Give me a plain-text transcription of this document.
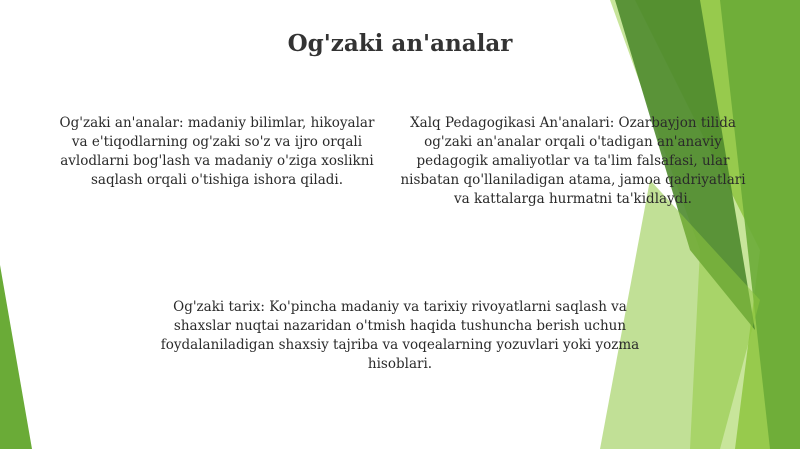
Og'zaki an'analar

Og'zaki an'analar: madaniy bilimlar, hikoyalar va e'tiqodlarning og'zaki so'z va ijro orqali avlodlarni bog'lash va madaniy o'ziga xoslikni saqlash orqali o'tishiga ishora qiladi.

Xalq Pedagogikasi An'analari: Ozarbayjon tilida og'zaki an'analar orqali o'tadigan an'anaviy pedagogik amaliyotlar va ta'lim falsafasi, ular nisbatan qo'llaniladigan atama, jamoa qadriyatlari va kattalarga hurmatni ta'kidlaydi.

Og'zaki tarix: Ko'pincha madaniy va tarixiy rivoyatlarni saqlash va shaxslar nuqtai nazaridan o'tmish haqida tushuncha berish uchun foydalaniladigan shaxsiy tajriba va voqealarning yozuvlari yoki yozma hisoblari.
